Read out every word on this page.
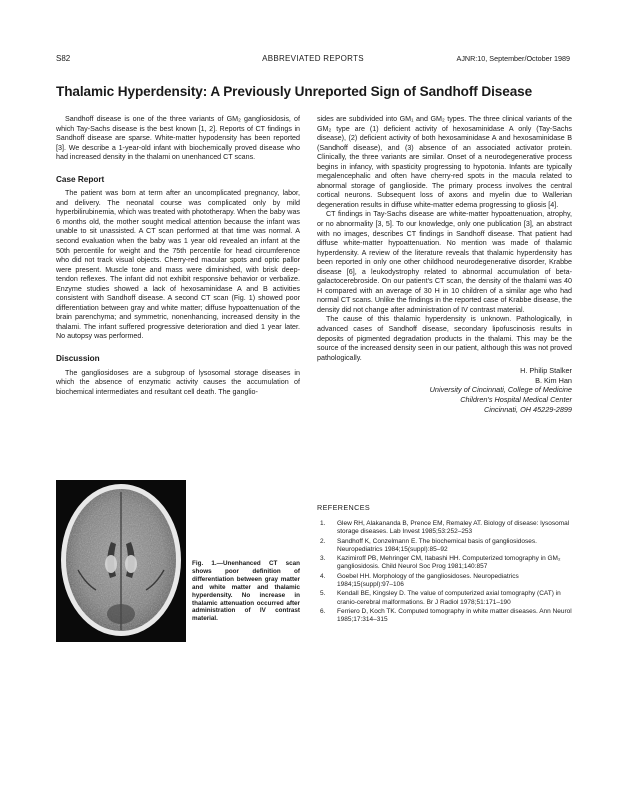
S82	ABBREVIATED REPORTS	AJNR:10, September/October 1989
Thalamic Hyperdensity: A Previously Unreported Sign of Sandhoff Disease

Sandhoff disease is one of the three variants of GM₂ gangliosidosis, of which Tay-Sachs disease is the best known [1, 2]. Reports of CT findings in Sandhoff disease are sparse. White-matter hypodensity has been reported [3]. We describe a 1-year-old infant with biochemically proved disease who had increased density in the thalami on unenhanced CT scans.

Case Report

The patient was born at term after an uncomplicated pregnancy, labor, and delivery. The neonatal course was complicated only by mild hyperbilirubinemia, which was treated with phototherapy. When the baby was 6 months old, the mother sought medical attention because the infant was unable to sit unassisted. A CT scan performed at that time was normal. A second evaluation when the baby was 1 year old revealed an infant at the 50th percentile for weight and the 75th percentile for head circumference who did not track visual objects. Cherry-red macular spots and optic pallor were present. Muscle tone and mass were diminished, with brisk deep-tendon reflexes. The infant did not exhibit responsive behavior or verbalize. Enzyme studies showed a lack of hexosaminidase A and B activities consistent with Sandhoff disease. A second CT scan (Fig. 1) showed poor differentiation between gray and white matter; diffuse hypoattenuation of the brain parenchyma; and symmetric, nonenhancing, increased density in the thalami. The infant suffered progressive deterioration and died 1 year later. No autopsy was performed.

Discussion

The gangliosidoses are a subgroup of lysosomal storage diseases in which the absence of enzymatic activity causes the accumulation of biochemical intermediates and resultant cell death. The ganglio-

sides are subdivided into GM₁ and GM₂ types. The three clinical variants of the GM₂ type are (1) deficient activity of hexosaminidase A only (Tay-Sachs disease), (2) deficient activity of both hexosaminidase A and hexosaminidase B (Sandhoff disease), and (3) absence of an associated activator protein. Clinically, the three variants are similar. Onset of a neurodegenerative process begins in infancy, with spasticity progressing to hypotonia. Infants are typically megalencephalic and often have cherry-red spots in the macula related to abnormal storage of ganglioside. The primary process involves the central cortical neurons. Subsequent loss of axons and myelin due to Wallerian degeneration results in diffuse white-matter edema progressing to gliosis [4].

CT findings in Tay-Sachs disease are white-matter hypoattenuation, atrophy, or no abnormality [3, 5]. To our knowledge, only one publication [3], an abstract with no images, describes CT findings in Sandhoff disease. That patient had diffuse white-matter hypoattenuation. No mention was made of thalamic hyperdensity. A review of the literature reveals that thalamic hyperdensity has been reported in only one other childhood neurodegenerative disorder, Krabbe disease [6], a leukodystrophy related to abnormal accumulation of beta-galactocerebroside. On our patient's CT scan, the density of the thalami was 40 H compared with an average of 30 H in 10 children of a similar age who had normal CT scans. Unlike the findings in the reported case of Krabbe disease, the density did not change after administration of IV contrast material.

The cause of this thalamic hyperdensity is unknown. Pathologically, in advanced cases of Sandhoff disease, secondary lipofuscinosis results in deposits of pigmented degradation products in the thalami. This may be the source of the increased density seen in our patient, although this was not proved pathologically.

H. Philip Stalker
B. Kim Han
University of Cincinnati, College of Medicine
Children's Hospital Medical Center
Cincinnati, OH 45229-2899
Fig. 1.—Unenhanced CT scan shows poor definition of differentiation between gray matter and white matter and thalamic hyperdensity. No increase in thalamic attenuation occurred after administration of IV contrast material.
REFERENCES
1. Glew RH, Alakananda B, Prence EM, Remaley AT. Biology of disease: lysosomal storage diseases. Lab Invest 1985;53:252–253
2. Sandhoff K, Conzelmann E. The biochemical basis of gangliosidoses. Neuropediatrics 1984;15(suppl):85–92
3. Kazimiroff PB, Mehringer CM, Itabashi HH. Computerized tomography in GM₂ gangliosidosis. Child Neurol Soc Prog 1981;140:857
4. Goebel HH. Morphology of the gangliosidoses. Neuropediatrics 1984;15(suppl):97–106
5. Kendall BE, Kingsley D. The value of computerized axial tomography (CAT) in cranio-cerebral malformations. Br J Radiol 1978;51:171–190
6. Ferriero D, Koch TK. Computed tomography in white matter diseases. Ann Neurol 1985;17:314–315
